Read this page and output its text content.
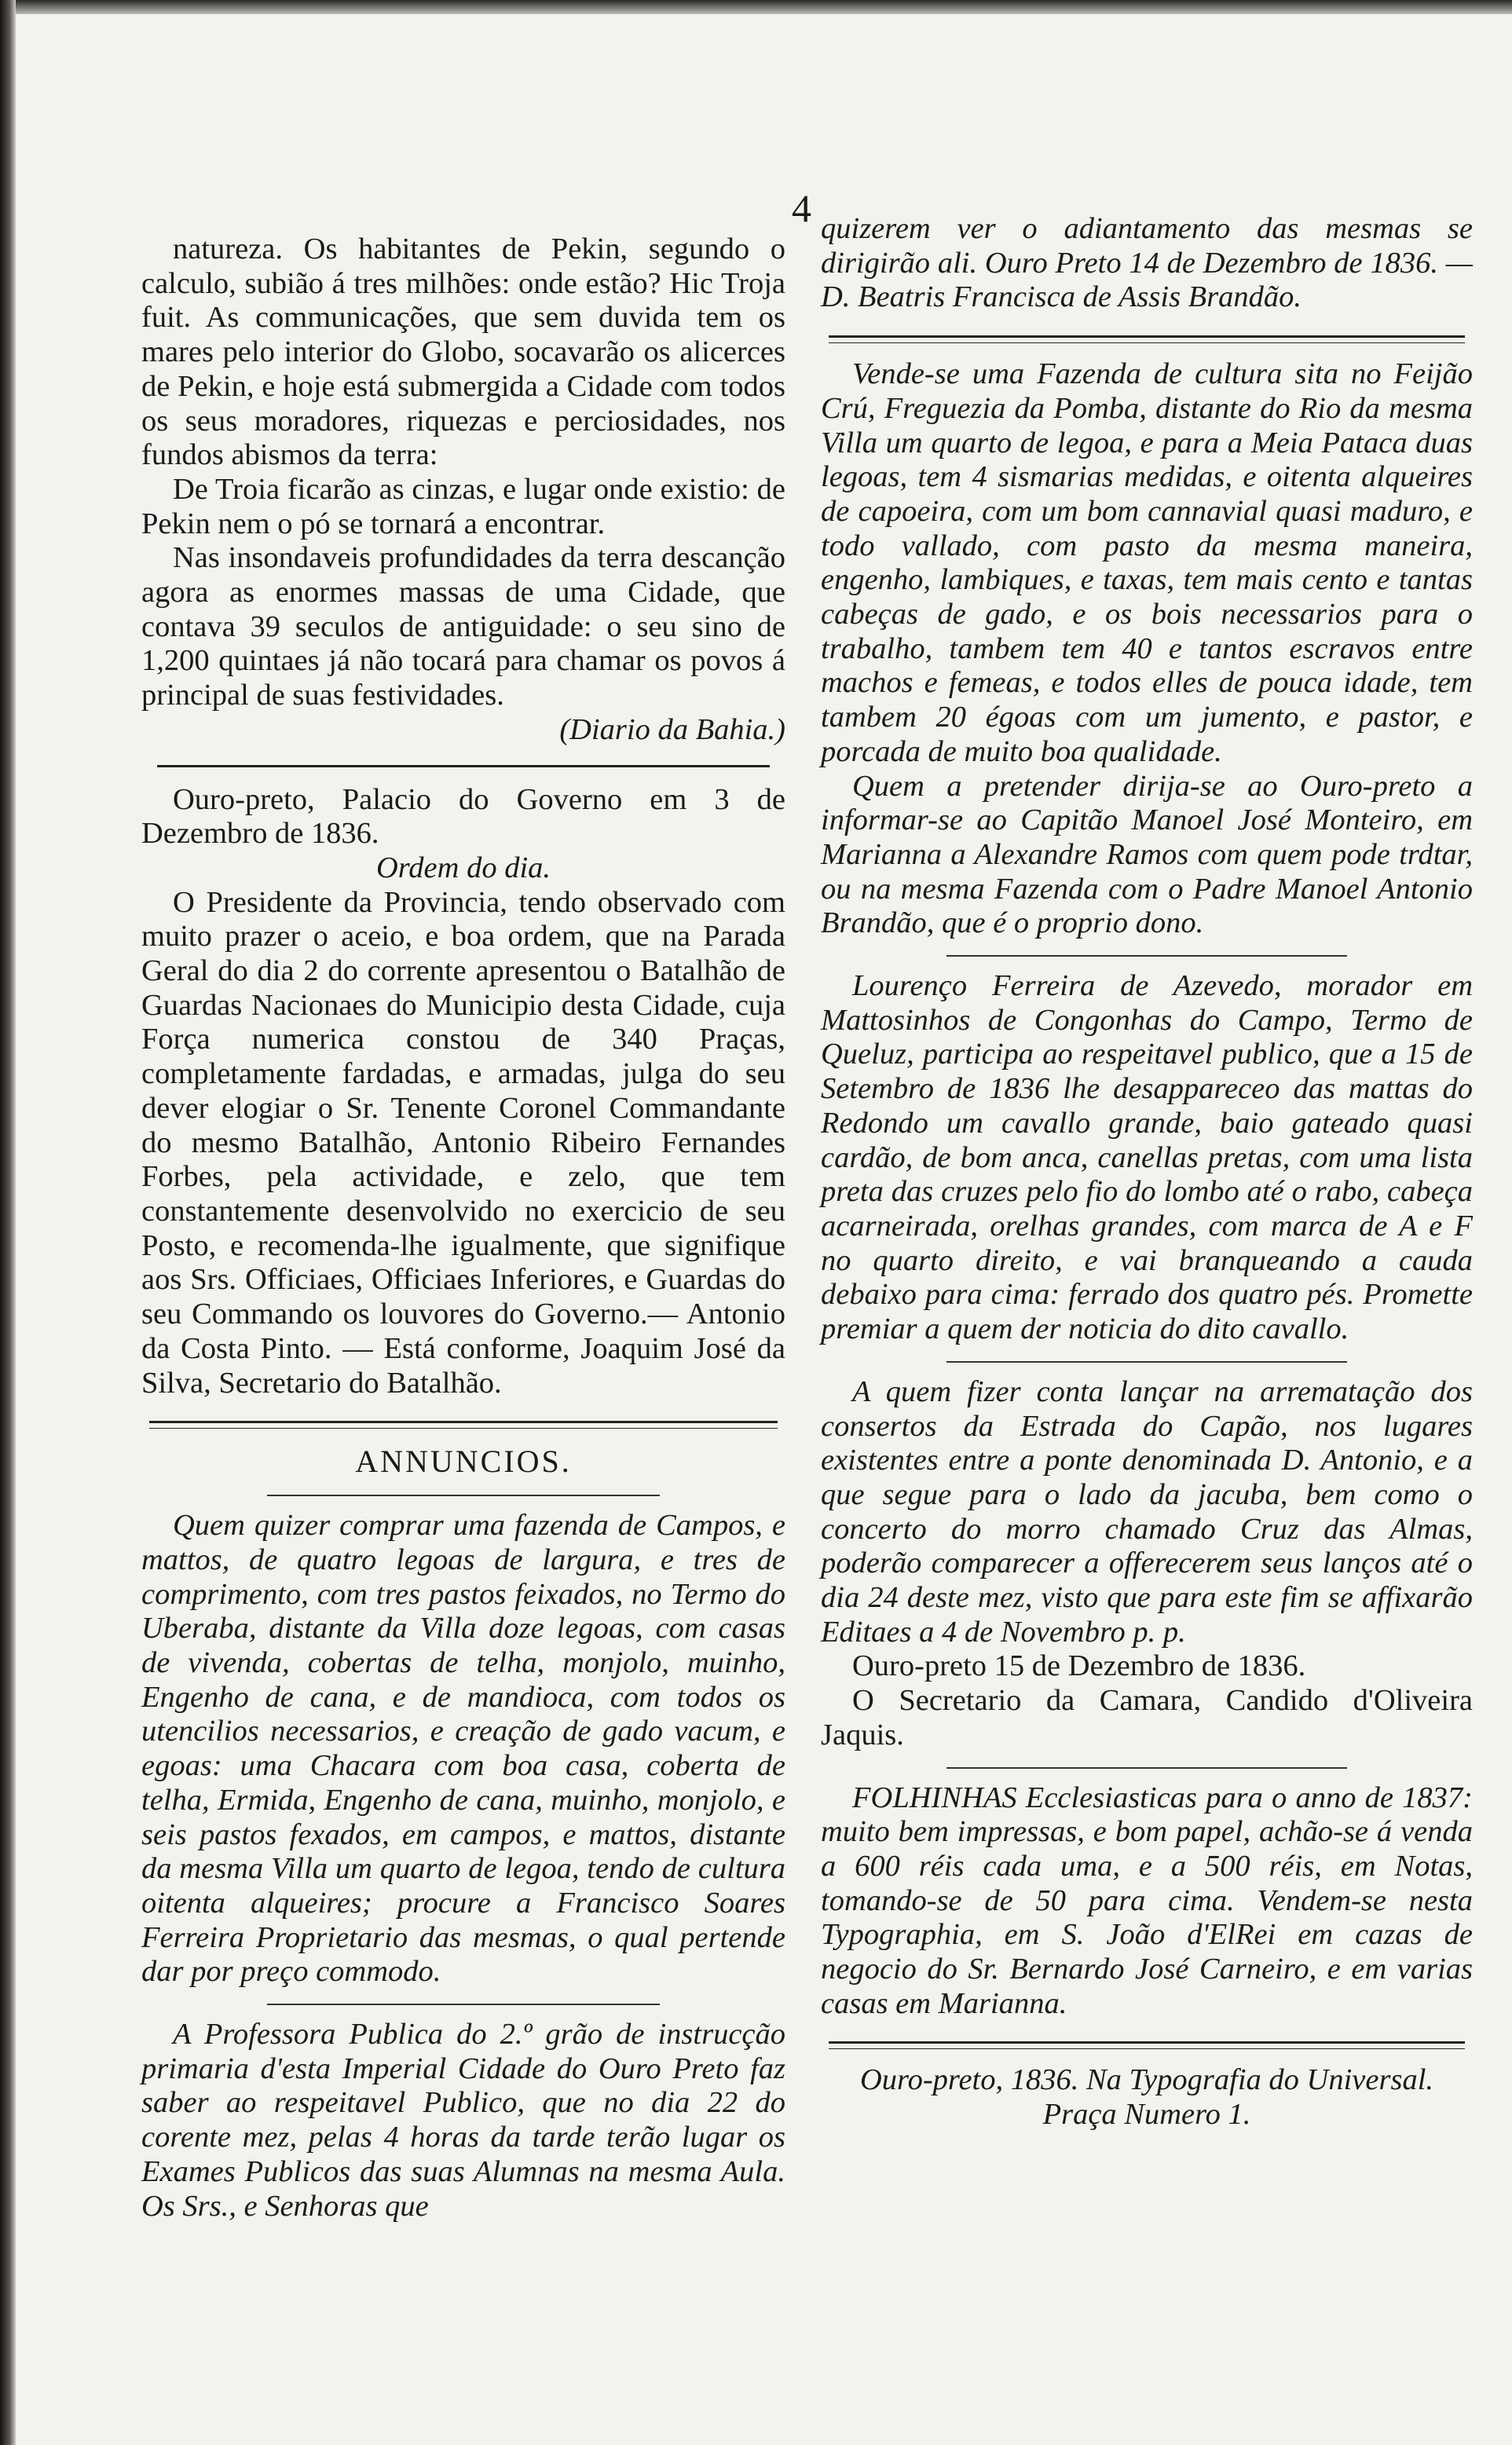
4

natureza. Os habitantes de Pekin, segundo o calculo, subião á tres milhões: onde estão? Hic Troja fuit. As communicações, que sem duvida tem os mares pelo interior do Globo, socavarão os alicerces de Pekin, e hoje está submergida a Cidade com todos os seus moradores, riquezas e perciosidades, nos fundos abismos da terra:

De Troia ficarão as cinzas, e lugar onde existio: de Pekin nem o pó se tornará a encontrar.

Nas insondaveis profundidades da terra descanção agora as enormes massas de uma Cidade, que contava 39 seculos de antiguidade: o seu sino de 1,200 quintaes já não tocará para chamar os povos á principal de suas festividades.

(Diario da Bahia.)

Ouro-preto, Palacio do Governo em 3 de Dezembro de 1836.

Ordem do dia.

O Presidente da Provincia, tendo observado com muito prazer o aceio, e boa ordem, que na Parada Geral do dia 2 do corrente apresentou o Batalhão de Guardas Nacionaes do Municipio desta Cidade, cuja Força numerica constou de 340 Praças, completamente fardadas, e armadas, julga do seu dever elogiar o Sr. Tenente Coronel Commandante do mesmo Batalhão, Antonio Ribeiro Fernandes Forbes, pela actividade, e zelo, que tem constantemente desenvolvido no exercicio de seu Posto, e recomenda-lhe igualmente, que signifique aos Srs. Officiaes, Officiaes Inferiores, e Guardas do seu Commando os louvores do Governo.— Antonio da Costa Pinto. — Está conforme, Joaquim José da Silva, Secretario do Batalhão.

ANNUNCIOS.

Quem quizer comprar uma fazenda de Campos, e mattos, de quatro legoas de largura, e tres de comprimento, com tres pastos feixados, no Termo do Uberaba, distante da Villa doze legoas, com casas de vivenda, cobertas de telha, monjolo, muinho, Engenho de cana, e de mandioca, com todos os utencilios necessarios, e creação de gado vacum, e egoas: uma Chacara com boa casa, coberta de telha, Ermida, Engenho de cana, muinho, monjolo, e seis pastos fexados, em campos, e mattos, distante da mesma Villa um quarto de legoa, tendo de cultura oitenta alqueires; procure a Francisco Soares Ferreira Proprietario das mesmas, o qual pertende dar por preço commodo.

A Professora Publica do 2.º grão de instrucção primaria d'esta Imperial Cidade do Ouro Preto faz saber ao respeitavel Publico, que no dia 22 do corente mez, pelas 4 horas da tarde terão lugar os Exames Publicos das suas Alumnas na mesma Aula. Os Srs., e Senhoras que

quizerem ver o adiantamento das mesmas se dirigirão ali. Ouro Preto 14 de Dezembro de 1836. — D. Beatris Francisca de Assis Brandão.

Vende-se uma Fazenda de cultura sita no Feijão Crú, Freguezia da Pomba, distante do Rio da mesma Villa um quarto de legoa, e para a Meia Pataca duas legoas, tem 4 sismarias medidas, e oitenta alqueires de capoeira, com um bom cannavial quasi maduro, e todo vallado, com pasto da mesma maneira, engenho, lambiques, e taxas, tem mais cento e tantas cabeças de gado, e os bois necessarios para o trabalho, tambem tem 40 e tantos escravos entre machos e femeas, e todos elles de pouca idade, tem tambem 20 égoas com um jumento, e pastor, e porcada de muito boa qualidade.

Quem a pretender dirija-se ao Ouro-preto a informar-se ao Capitão Manoel José Monteiro, em Marianna a Alexandre Ramos com quem pode trdtar, ou na mesma Fazenda com o Padre Manoel Antonio Brandão, que é o proprio dono.

Lourenço Ferreira de Azevedo, morador em Mattosinhos de Congonhas do Campo, Termo de Queluz, participa ao respeitavel publico, que a 15 de Setembro de 1836 lhe desappareceo das mattas do Redondo um cavallo grande, baio gateado quasi cardão, de bom anca, canellas pretas, com uma lista preta das cruzes pelo fio do lombo até o rabo, cabeça acarneirada, orelhas grandes, com marca de A e F no quarto direito, e vai branqueando a cauda debaixo para cima: ferrado dos quatro pés. Promette premiar a quem der noticia do dito cavallo.

A quem fizer conta lançar na arrematação dos consertos da Estrada do Capão, nos lugares existentes entre a ponte denominada D. Antonio, e a que segue para o lado da jacuba, bem como o concerto do morro chamado Cruz das Almas, poderão comparecer a offerecerem seus lanços até o dia 24 deste mez, visto que para este fim se affixarão Editaes a 4 de Novembro p. p.

Ouro-preto 15 de Dezembro de 1836.

O Secretario da Camara, Candido d'Oliveira Jaquis.

FOLHINHAS Ecclesiasticas para o anno de 1837: muito bem impressas, e bom papel, achão-se á venda a 600 réis cada uma, e a 500 réis, em Notas, tomando-se de 50 para cima. Vendem-se nesta Typographia, em S. João d'ElRei em cazas de negocio do Sr. Bernardo José Carneiro, e em varias casas em Marianna.

Ouro-preto, 1836. Na Typografia do Universal. Praça Numero 1.
